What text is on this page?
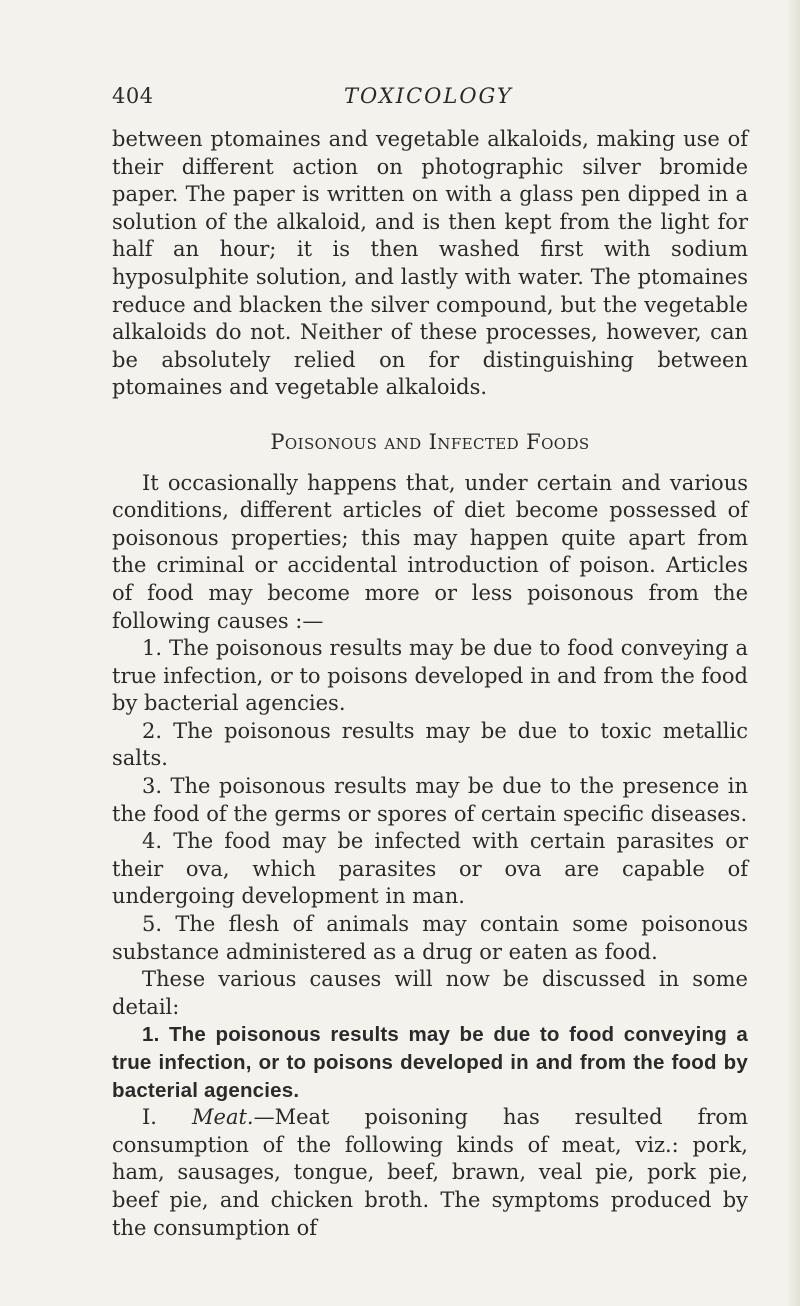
404	TOXICOLOGY

between ptomaines and vegetable alkaloids, making use of their different action on photographic silver bromide paper. The paper is written on with a glass pen dipped in a solution of the alkaloid, and is then kept from the light for half an hour; it is then washed first with sodium hyposulphite solution, and lastly with water. The ptomaines reduce and blacken the silver compound, but the vegetable alkaloids do not. Neither of these processes, however, can be absolutely relied on for distinguishing between ptomaines and vegetable alkaloids.

Poisonous and Infected Foods

It occasionally happens that, under certain and various conditions, different articles of diet become possessed of poisonous properties; this may happen quite apart from the criminal or accidental introduction of poison. Articles of food may become more or less poisonous from the following causes :—

1. The poisonous results may be due to food conveying a true infection, or to poisons developed in and from the food by bacterial agencies.

2. The poisonous results may be due to toxic metallic salts.

3. The poisonous results may be due to the presence in the food of the germs or spores of certain specific diseases.

4. The food may be infected with certain parasites or their ova, which parasites or ova are capable of undergoing development in man.

5. The flesh of animals may contain some poisonous substance administered as a drug or eaten as food.

These various causes will now be discussed in some detail:

1. The poisonous results may be due to food conveying a true infection, or to poisons developed in and from the food by bacterial agencies.

I. Meat.—Meat poisoning has resulted from consumption of the following kinds of meat, viz.: pork, ham, sausages, tongue, beef, brawn, veal pie, pork pie, beef pie, and chicken broth. The symptoms produced by the consumption of
